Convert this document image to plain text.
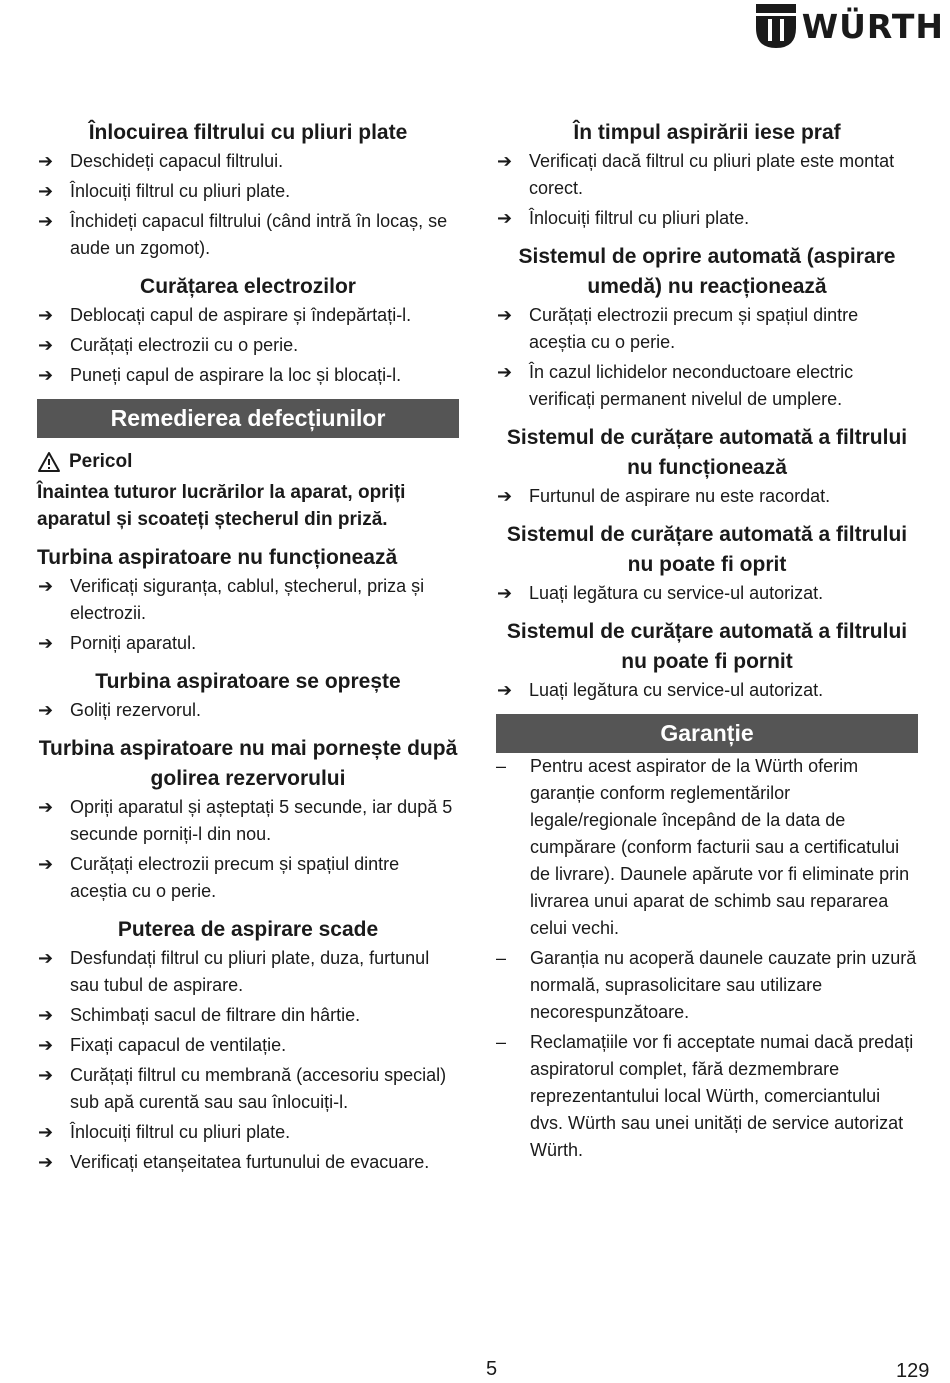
WÜRTH
Înlocuirea filtrului cu pliuri plate
➔ Deschideți capacul filtrului.
➔ Înlocuiți filtrul cu pliuri plate.
➔ Închideți capacul filtrului (când intră în locaș, se aude un zgomot).
Curățarea electrozilor
➔ Deblocați capul de aspirare și îndepărtați-l.
➔ Curățați electrozii cu o perie.
➔ Puneți capul de aspirare la loc și blocați-l.
Remedierea defecțiunilor
Pericol
Înaintea tuturor lucrărilor la aparat, opriți aparatul și scoateți ștecherul din priză.
Turbina aspiratoare nu funcționează
➔ Verificați siguranța, cablul, ștecherul, priza și electrozii.
➔ Porniți aparatul.
Turbina aspiratoare se oprește
➔ Goliți rezervorul.
Turbina aspiratoare nu mai pornește după golirea rezervorului
➔ Opriți aparatul și așteptați 5 secunde, iar după 5 secunde porniți-l din nou.
➔ Curățați electrozii precum și spațiul dintre aceștia cu o perie.
Puterea de aspirare scade
➔ Desfundați filtrul cu pliuri plate, duza, furtunul sau tubul de aspirare.
➔ Schimbați sacul de filtrare din hârtie.
➔ Fixați capacul de ventilație.
➔ Curățați filtrul cu membrană (accesoriu special) sub apă curentă sau sau înlocuiți-l.
➔ Înlocuiți filtrul cu pliuri plate.
➔ Verificați etanșeitatea furtunului de evacuare.
În timpul aspirării iese praf
➔ Verificați dacă filtrul cu pliuri plate este montat corect.
➔ Înlocuiți filtrul cu pliuri plate.
Sistemul de oprire automată (aspirare umedă) nu reacționează
➔ Curățați electrozii precum și spațiul dintre aceștia cu o perie.
➔ În cazul lichidelor neconductoare electric verificați permanent nivelul de umplere.
Sistemul de curățare automată a filtrului nu funcționează
➔ Furtunul de aspirare nu este racordat.
Sistemul de curățare automată a filtrului nu poate fi oprit
➔ Luați legătura cu service-ul autorizat.
Sistemul de curățare automată a filtrului nu poate fi pornit
➔ Luați legătura cu service-ul autorizat.
Garanție
– Pentru acest aspirator de la Würth oferim garanție conform reglementărilor legale/regionale începând de la data de cumpărare (conform facturii sau a certificatului de livrare). Daunele apărute vor fi eliminate prin livrarea unui aparat de schimb sau repararea celui vechi.
– Garanția nu acoperă daunele cauzate prin uzură normală, suprasolicitare sau utilizare necorespunzătoare.
– Reclamațiile vor fi acceptate numai dacă predați aspiratorul complet, fără dezmembrare reprezentantului local Würth, comerciantului dvs. Würth sau unei unități de service autorizat Würth.
5	129
